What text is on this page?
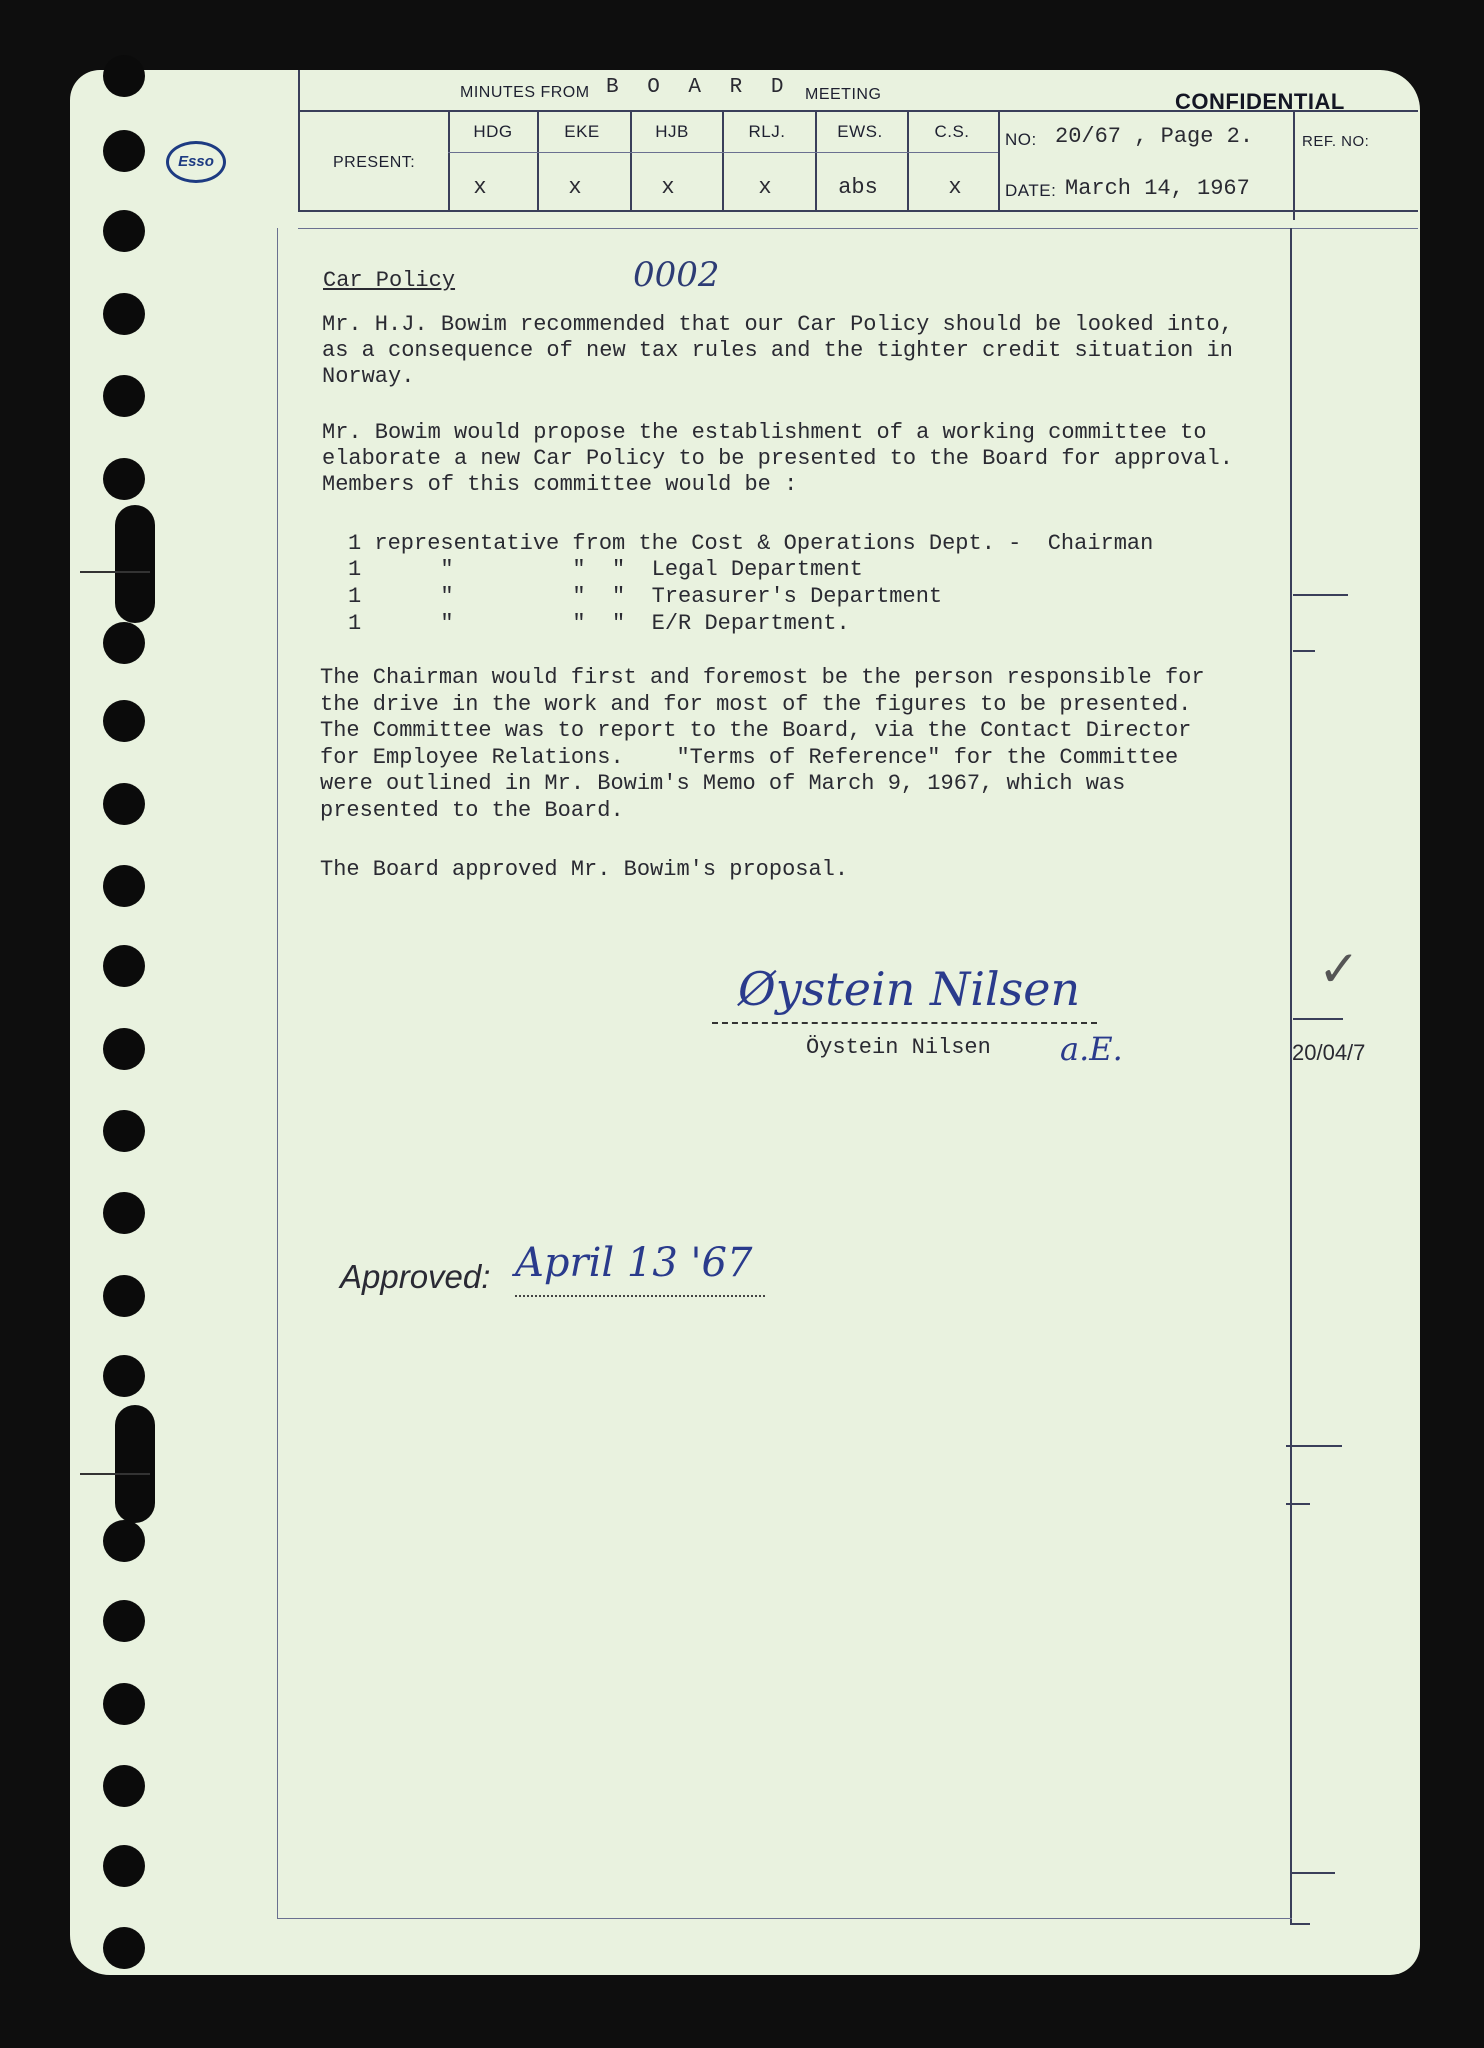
MINUTES FROM B O A R D MEETING	CONFIDENTIAL
Esso	PRESENT:
HDG	EKE	HJB	RLJ.	EWS.	C.S.
x	x	x	x	abs	x
NO: 20/67 , Page 2.
DATE: March 14, 1967
REF. NO:
Car Policy	0002
Mr. H.J. Bowim recommended that our Car Policy should be looked into,
as a consequence of new tax rules and the tighter credit situation in
Norway.
Mr. Bowim would propose the establishment of a working committee to
elaborate a new Car Policy to be presented to the Board for approval.
Members of this committee would be :
1 representative from the Cost & Operations Dept. -  Chairman
1      "         "  "  Legal Department
1      "         "  "  Treasurer's Department
1      "         "  "  E/R Department.
The Chairman would first and foremost be the person responsible for
the drive in the work and for most of the figures to be presented.
The Committee was to report to the Board, via the Contact Director
for Employee Relations.    "Terms of Reference" for the Committee
were outlined in Mr. Bowim's Memo of March 9, 1967, which was
presented to the Board.
The Board approved Mr. Bowim's proposal.
Øystein Nilsen
Öystein Nilsen a.E.
✓
20/04/7
Approved: April 13 '67
